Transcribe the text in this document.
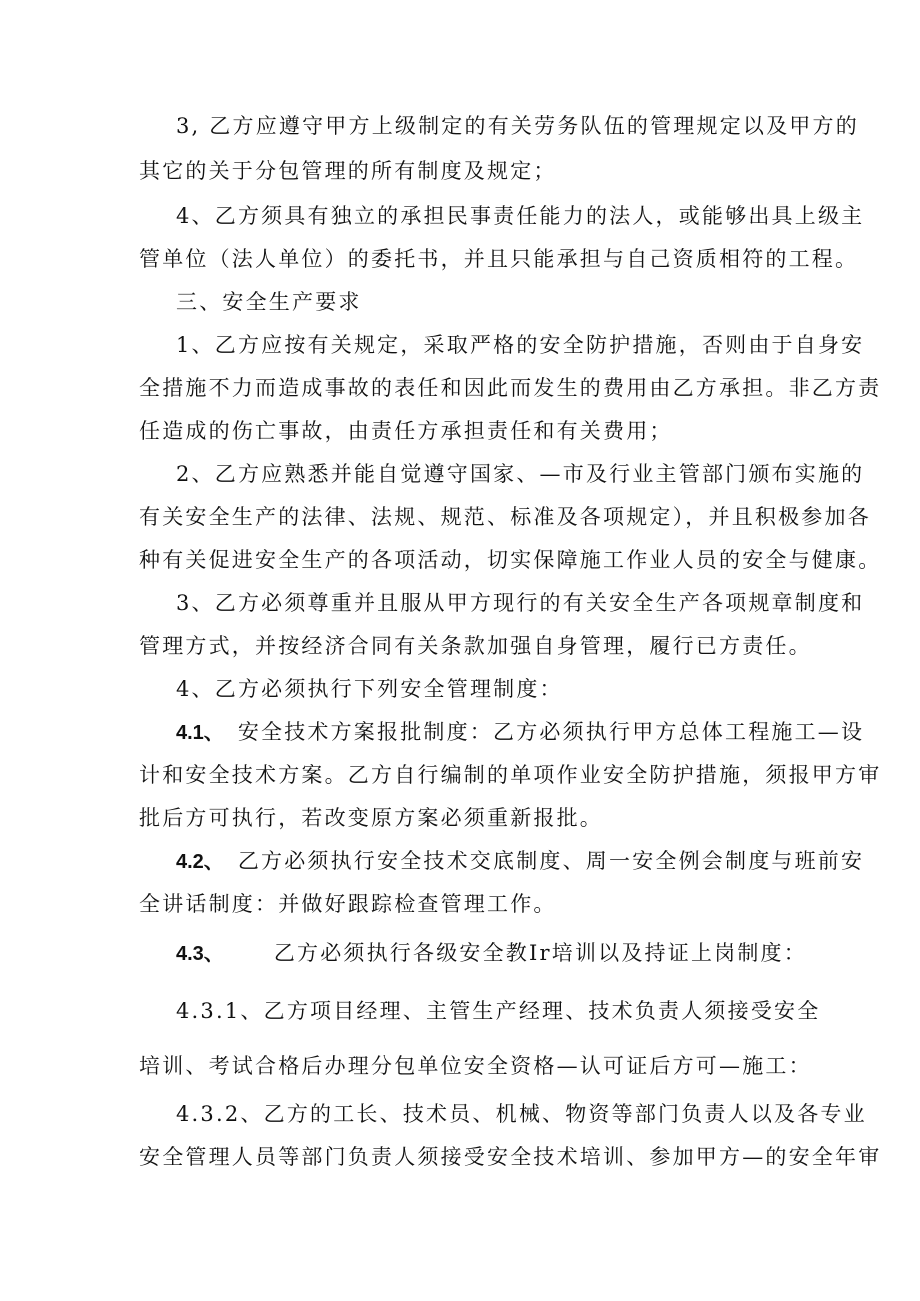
3, 乙方应遵守甲方上级制定的有关劳务队伍的管理规定以及甲方的
其它的关于分包管理的所有制度及规定；
4、乙方须具有独立的承担民事责任能力的法人，或能够出具上级主
管单位（法人单位）的委托书，并且只能承担与自己资质相符的工程。
三、安全生产要求
1、乙方应按有关规定，采取严格的安全防护措施，否则由于自身安
全措施不力而造成事故的表任和因此而发生的费用由乙方承担。非乙方责
任造成的伤亡事故，由责任方承担责任和有关费用；
2、乙方应熟悉并能自觉遵守国家、—市及行业主管部门颁布实施的
有关安全生产的法律、法规、规范、标准及各项规定），并且积极参加各
种有关促进安全生产的各项活动，切实保障施工作业人员的安全与健康。
3、乙方必须尊重并且服从甲方现行的有关安全生产各项规章制度和
管理方式，并按经济合同有关条款加强自身管理，履行已方责任。
4、乙方必须执行下列安全管理制度：
4.1、 安全技术方案报批制度：乙方必须执行甲方总体工程施工—设
计和安全技术方案。乙方自行编制的单项作业安全防护措施，须报甲方审
批后方可执行，若改变原方案必须重新报批。
4.2、 乙方必须执行安全技术交底制度、周一安全例会制度与班前安
全讲话制度：并做好跟踪检查管理工作。
4.3、 乙方必须执行各级安全教Ir培训以及持证上岗制度：
4.3.1、乙方项目经理、主管生产经理、技术负责人须接受安全
培训、考试合格后办理分包单位安全资格—认可证后方可—施工：
4.3.2、乙方的工长、技术员、机械、物资等部门负责人以及各专业
安全管理人员等部门负责人须接受安全技术培训、参加甲方—的安全年审
